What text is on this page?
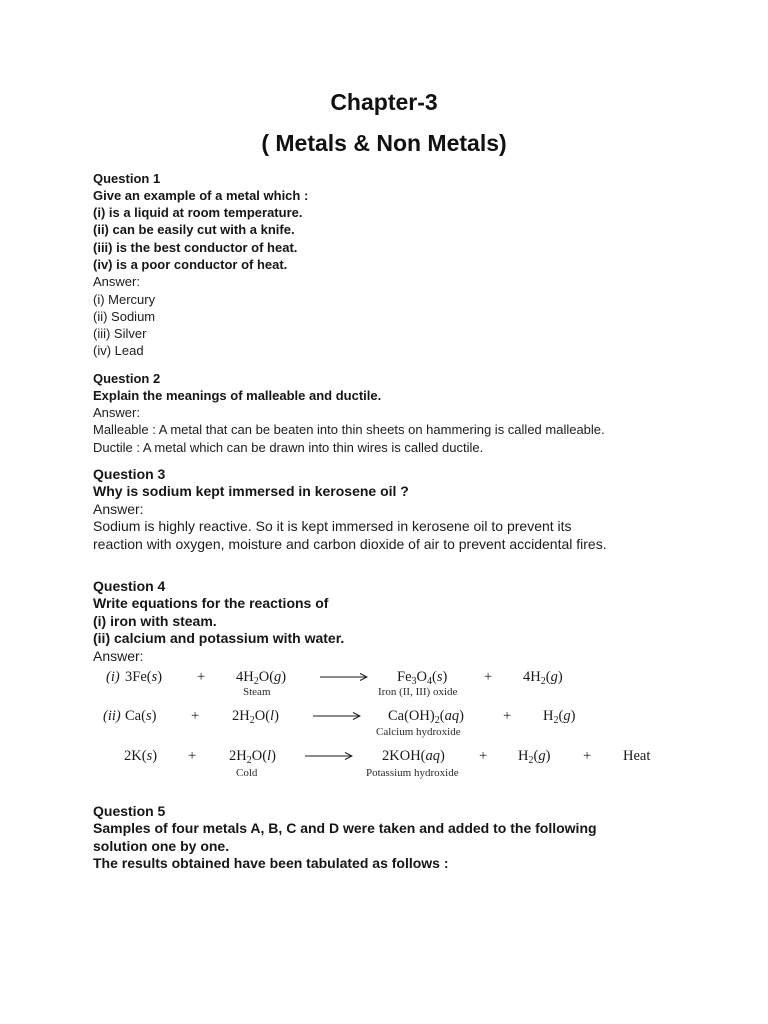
Chapter-3
( Metals & Non Metals)
Question 1
Give an example of a metal which :
(i) is a liquid at room temperature.
(ii) can be easily cut with a knife.
(iii) is the best conductor of heat.
(iv) is a poor conductor of heat.
Answer:
(i) Mercury
(ii) Sodium
(iii) Silver
(iv) Lead
Question 2
Explain the meanings of malleable and ductile.
Answer:
Malleable : A metal that can be beaten into thin sheets on hammering is called malleable.
Ductile : A metal which can be drawn into thin wires is called ductile.
Question 3
Why is sodium kept immersed in kerosene oil ?
Answer:
Sodium is highly reactive. So it is kept immersed in kerosene oil to prevent its
reaction with oxygen, moisture and carbon dioxide of air to prevent accidental fires.
Question 4
Write equations for the reactions of
(i) iron with steam.
(ii) calcium and potassium with water.
Answer:
(i) $3Fe(s) + 4H_2O(g)$
Steam
$Fe_3O_4(s)$
Iron (II, III) oxide
+ $4H_2(g)$
(ii) $Ca(s) + 2H_2O(l)$	$Ca(OH)_2(aq)$
Calcium hydroxide
+ $H_2(g)$
$2K(s) + 2H_2O(l)$
Cold
2KOH(aq)
Potassium hydroxide
+ $H_2(g)$ + Heat
Question 5
Samples of four metals A, B, C and D were taken and added to the following
solution one by one.
The results obtained have been tabulated as follows :
